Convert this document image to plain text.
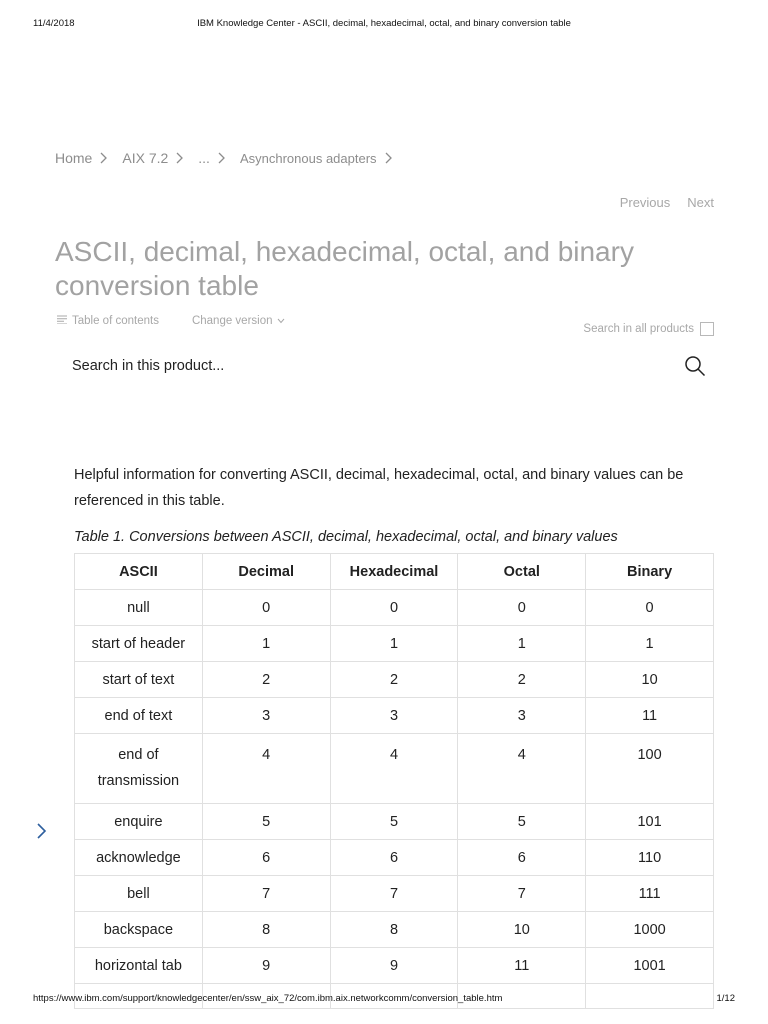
11/4/2018	IBM Knowledge Center - ASCII, decimal, hexadecimal, octal, and binary conversion table
Home AIX 7.2 ... Asynchronous adapters
Previous Next
ASCII, decimal, hexadecimal, octal, and binary conversion table
Table of contents	Change version
Search in all products
Search in this product...

Helpful information for converting ASCII, decimal, hexadecimal, octal, and binary values can be referenced in this table.

Table 1. Conversions between ASCII, decimal, hexadecimal, octal, and binary values
ASCII	Decimal	Hexadecimal	Octal	Binary
null	0	0	0	0
start of header	1	1	1	1
start of text	2	2	2	10
end of text	3	3	3	11
end of transmission	4	4	4	100
enquire	5	5	5	101
acknowledge	6	6	6	110
bell	7	7	7	111
backspace	8	8	10	1000
horizontal tab	9	9	11	1001

https://www.ibm.com/support/knowledgecenter/en/ssw_aix_72/com.ibm.aix.networkcomm/conversion_table.htm	1/12
